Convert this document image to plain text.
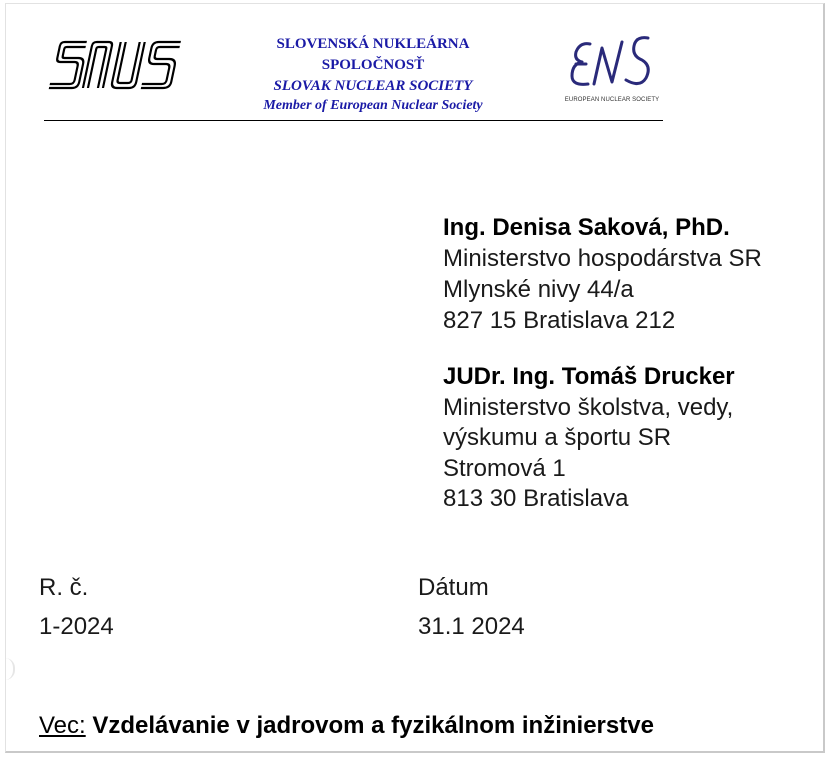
SLOVENSKÁ NUKLEÁRNA
SPOLOČNOSŤ
SLOVAK NUCLEAR SOCIETY
Member of European Nuclear Society	EUROPEAN NUCLEAR SOCIETY
Ing. Denisa Saková, PhD.
Ministerstvo hospodárstva SR
Mlynské nivy 44/a
827 15 Bratislava 212
JUDr. Ing. Tomáš Drucker
Ministerstvo školstva, vedy,
výskumu a športu SR
Stromová 1
813 30 Bratislava
R. č.
1-2024
Dátum
31.1 2024
Vec: Vzdelávanie v jadrovom a fyzikálnom inžinierstve
